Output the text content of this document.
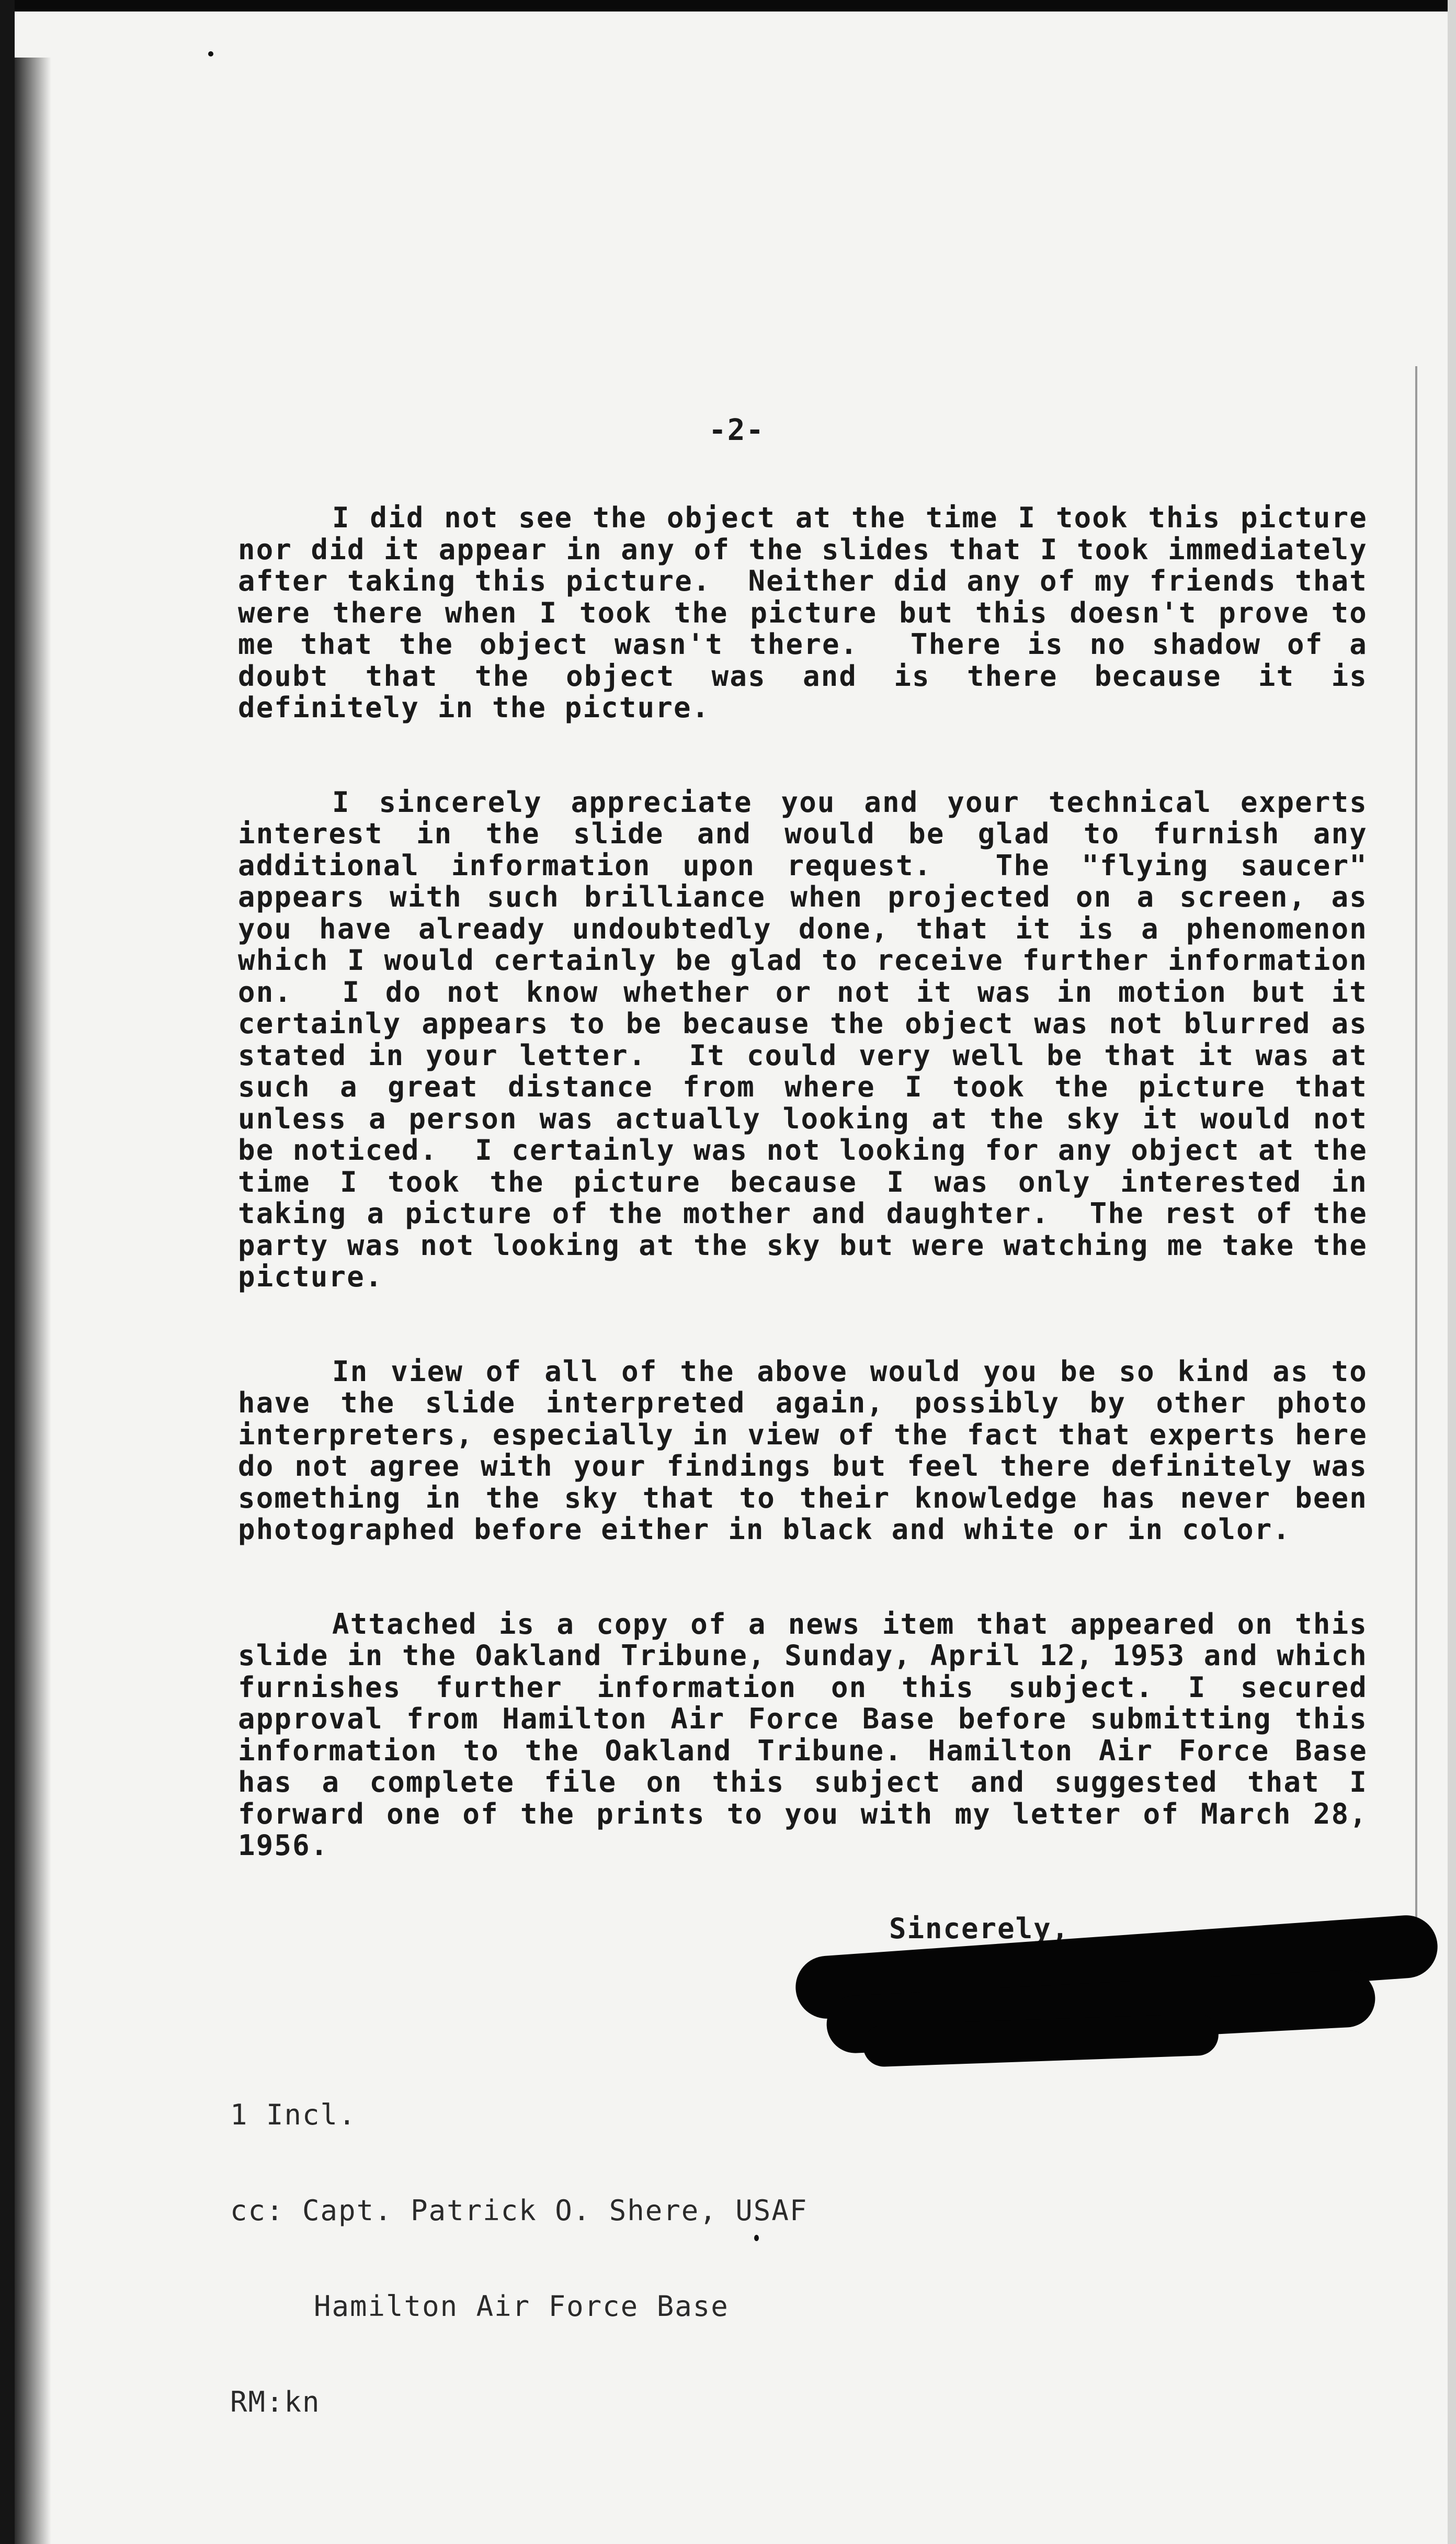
-2-

I did not see the object at the time I took this picture nor did it appear in any of the slides that I took immediately after taking this picture.  Neither did any of my friends that were there when I took the picture but this doesn't prove to me that the object wasn't there.  There is no shadow of a doubt that the object was and is there because it is definitely in the picture.

I sincerely appreciate you and your technical experts interest in the slide and would be glad to furnish any additional information upon request.  The "flying saucer" appears with such brilliance when projected on a screen, as you have already undoubtedly done, that it is a phenomenon which I would certainly be glad to receive further information on.  I do not know whether or not it was in motion but it certainly appears to be because the object was not blurred as stated in your letter.  It could very well be that it was at such a great distance from where I took the picture that unless a person was actually looking at the sky it would not be noticed.  I certainly was not looking for any object at the time I took the picture because I was only interested in taking a picture of the mother and daughter.  The rest of the party was not looking at the sky but were watching me take the picture.

In view of all of the above would you be so kind as to have the slide interpreted again, possibly by other photo interpreters, especially in view of the fact that experts here do not agree with your findings but feel there definitely was something in the sky that to their knowledge has never been photographed before either in black and white or in color.

Attached is a copy of a news item that appeared on this slide in the Oakland Tribune, Sunday, April 12, 1953 and which furnishes further information on this subject. I secured approval from Hamilton Air Force Base before submitting this information to the Oakland Tribune. Hamilton Air Force Base has a complete file on this subject and suggested that I forward one of the prints to you with my letter of March 28, 1956.

Sincerely,

1 Incl.

cc: Capt. Patrick O. Shere, USAF

Hamilton Air Force Base

RM:kn
